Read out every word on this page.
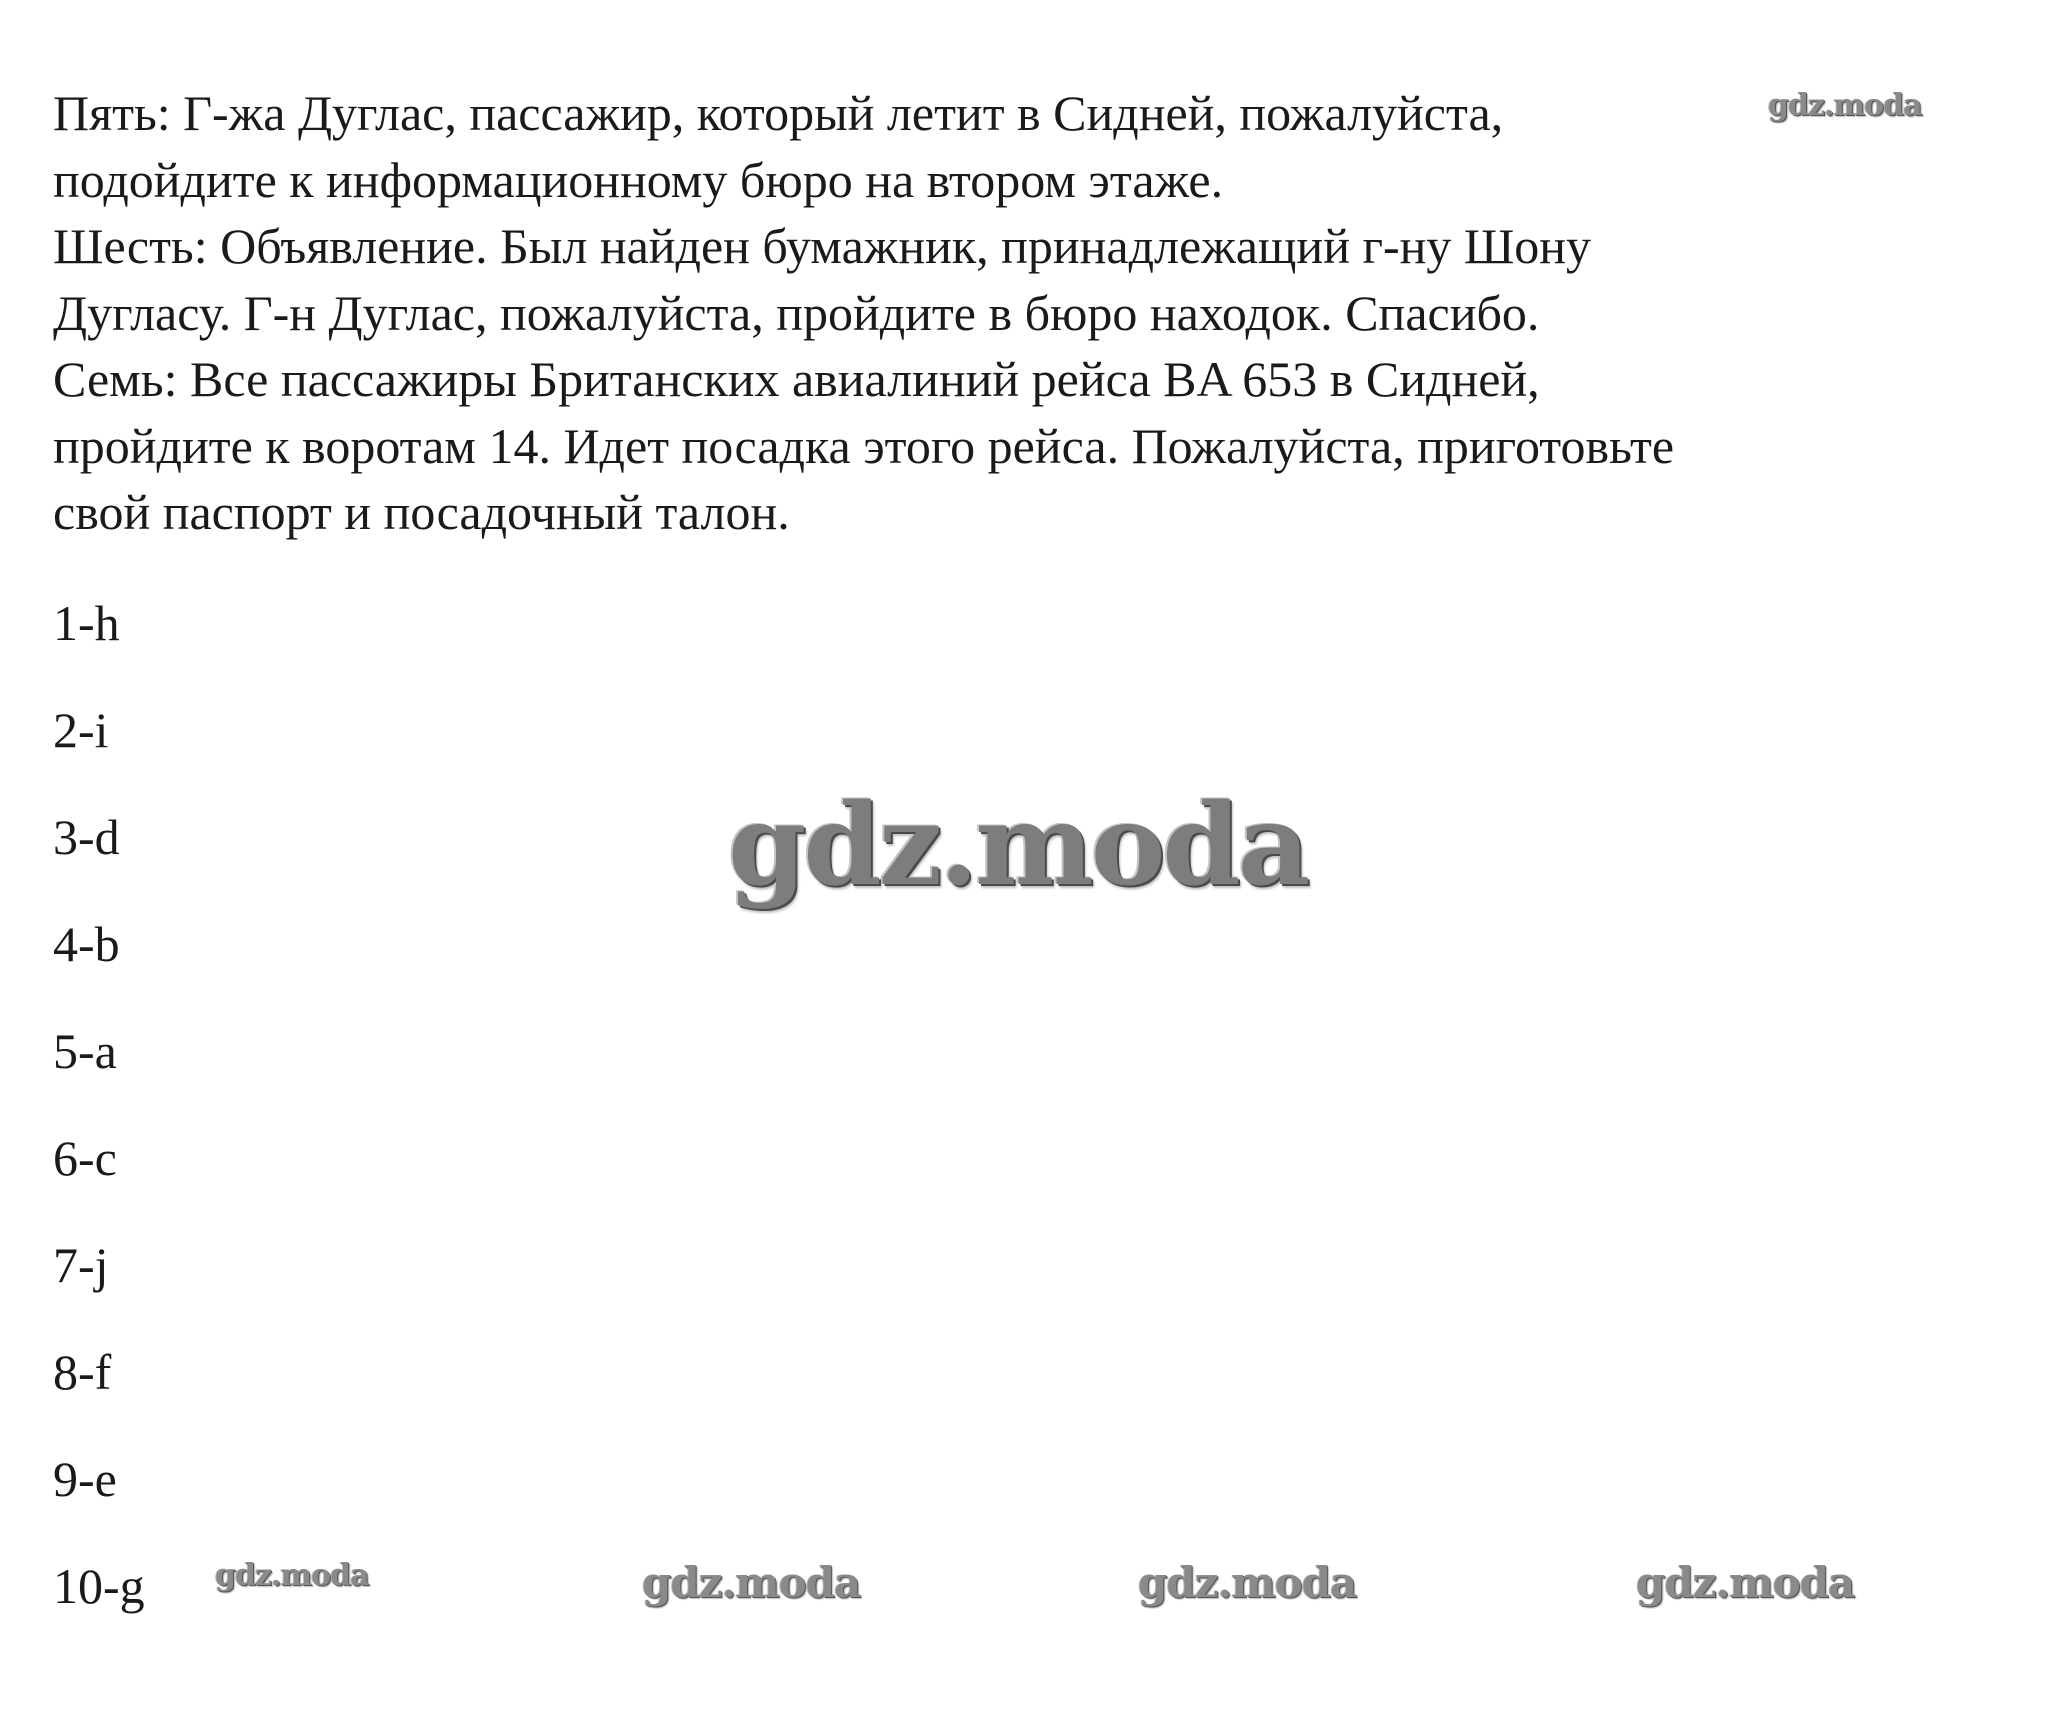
Пять: Г-жа Дуглас, пассажир, который летит в Сидней, пожалуйста,
подойдите к информационному бюро на втором этаже.
Шесть: Объявление. Был найден бумажник, принадлежащий г-ну Шону
Дугласу. Г-н Дуглас, пожалуйста, пройдите в бюро находок. Спасибо.
Семь: Все пассажиры Британских авиалиний рейса BA 653 в Сидней,
пройдите к воротам 14. Идет посадка этого рейса. Пожалуйста, приготовьте
свой паспорт и посадочный талон.
1-h
2-i
3-d
4-b
5-a
6-c
7-j
8-f
9-e
10-g
gdz.moda
gdz.moda
gdz.moda	gdz.moda	gdz.moda	gdz.moda
